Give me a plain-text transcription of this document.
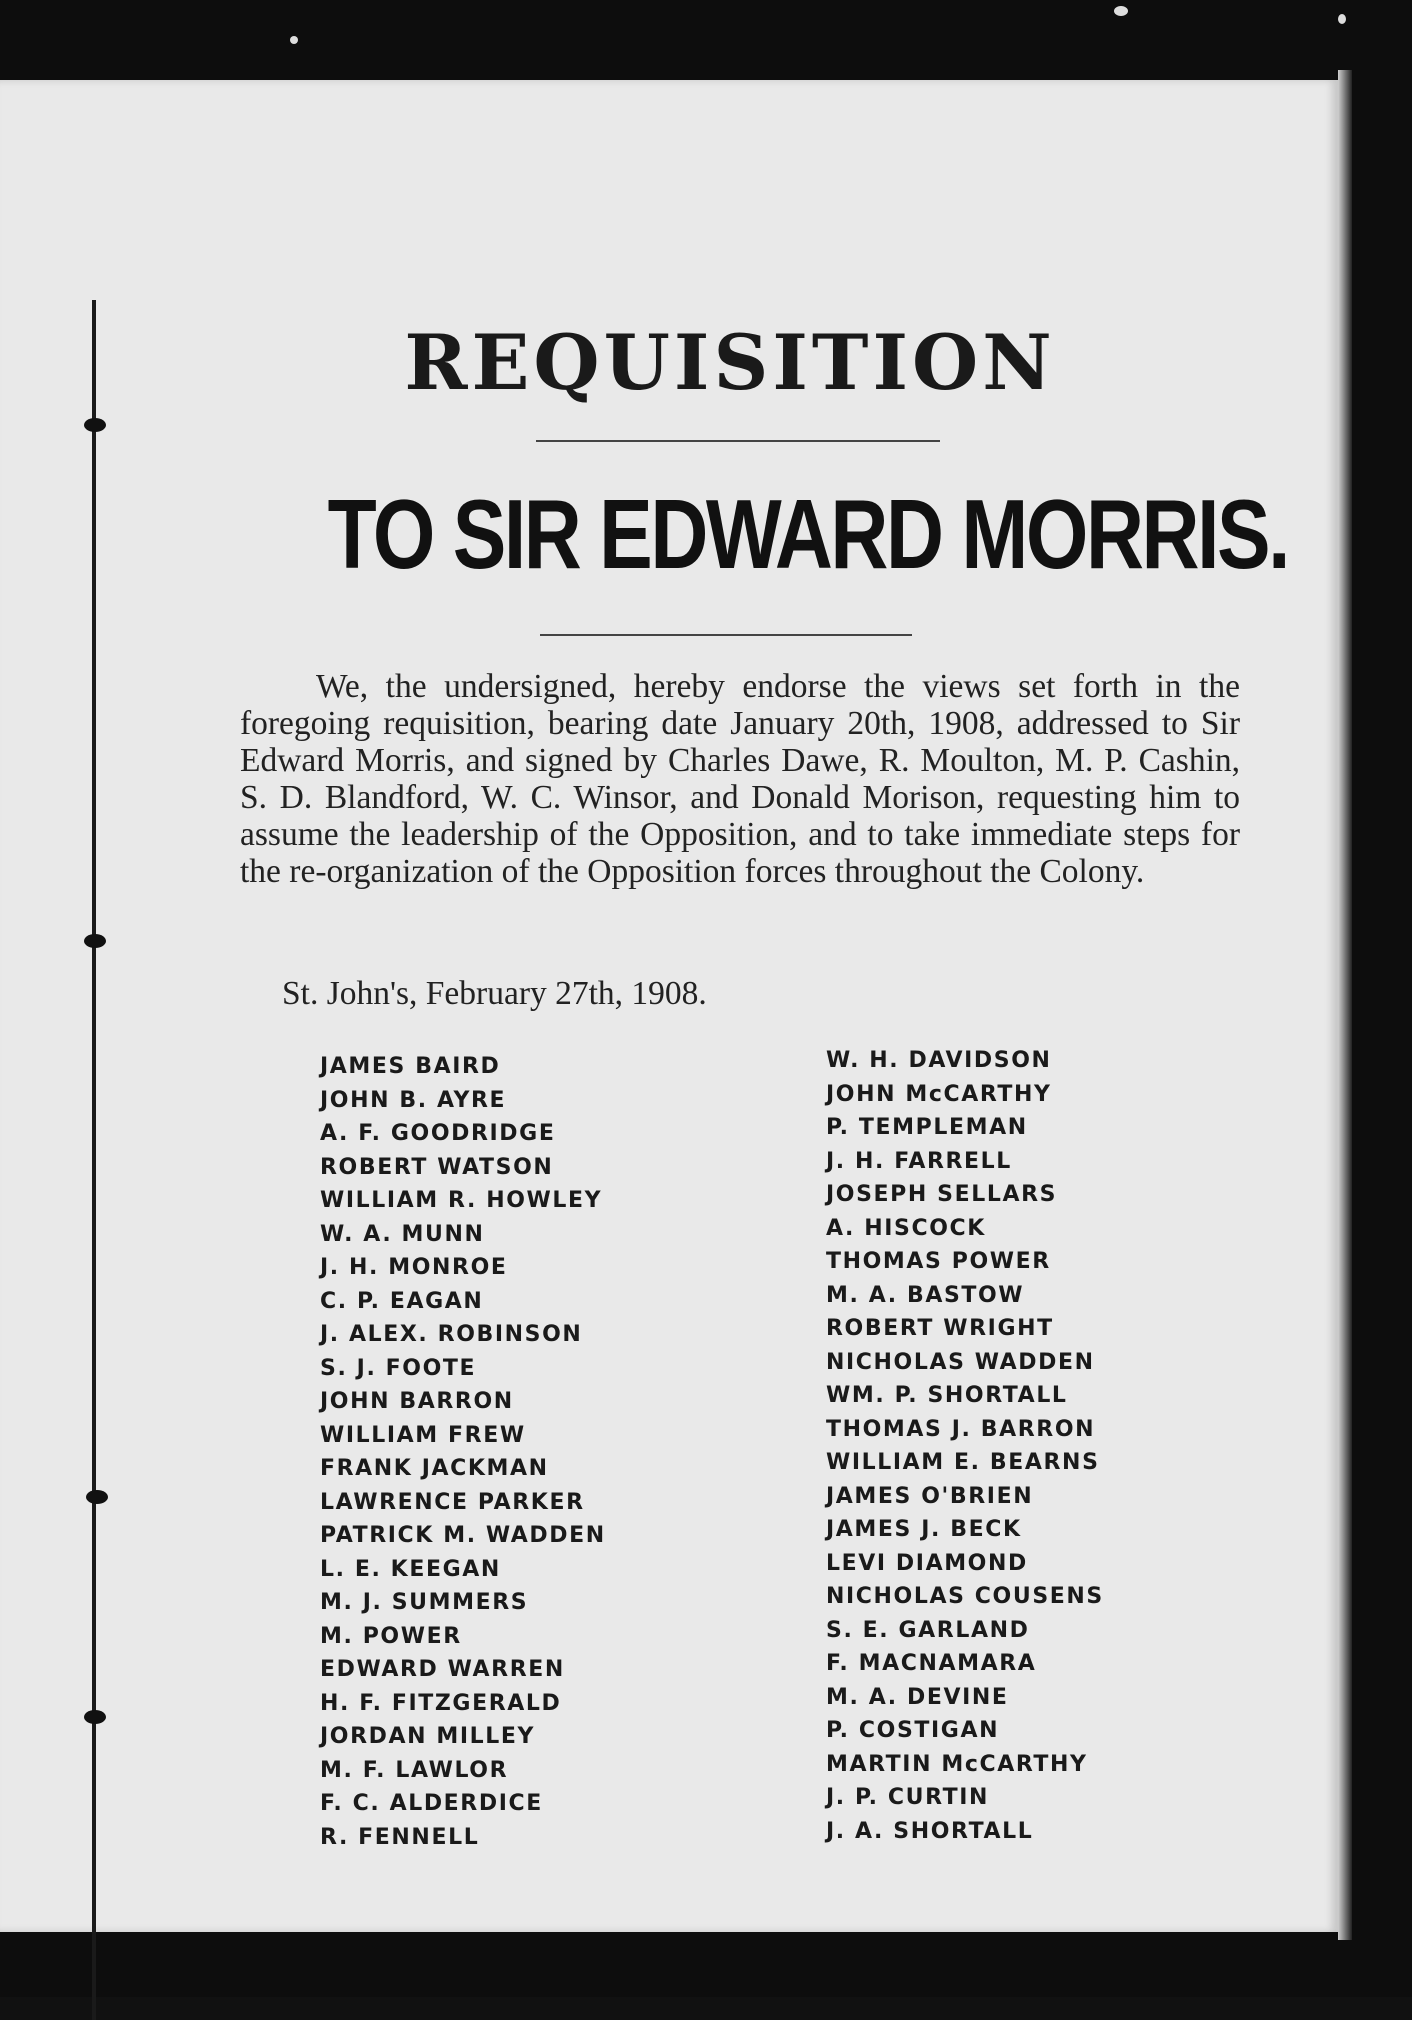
REQUISITION
TO SIR EDWARD MORRIS.
We, the undersigned, hereby endorse the views set forth in the foregoing requisition, bearing date January 20th, 1908, addressed to Sir Edward Morris, and signed by Charles Dawe, R. Moulton, M. P. Cashin, S. D. Blandford, W. C. Winsor, and Donald Morison, requesting him to assume the leadership of the Opposition, and to take immediate steps for the re-organization of the Opposition forces throughout the Colony.
St. John's, February 27th, 1908.
JAMES BAIRD
JOHN B. AYRE
A. F. GOODRIDGE
ROBERT WATSON
WILLIAM R. HOWLEY
W. A. MUNN
J. H. MONROE
C. P. EAGAN
J. ALEX. ROBINSON
S. J. FOOTE
JOHN BARRON
WILLIAM FREW
FRANK JACKMAN
LAWRENCE PARKER
PATRICK M. WADDEN
L. E. KEEGAN
M. J. SUMMERS
M. POWER
EDWARD WARREN
H. F. FITZGERALD
JORDAN MILLEY
M. F. LAWLOR
F. C. ALDERDICE
R. FENNELL
W. H. DAVIDSON
JOHN McCARTHY
P. TEMPLEMAN
J. H. FARRELL
JOSEPH SELLARS
A. HISCOCK
THOMAS POWER
M. A. BASTOW
ROBERT WRIGHT
NICHOLAS WADDEN
WM. P. SHORTALL
THOMAS J. BARRON
WILLIAM E. BEARNS
JAMES O'BRIEN
JAMES J. BECK
LEVI DIAMOND
NICHOLAS COUSENS
S. E. GARLAND
F. MACNAMARA
M. A. DEVINE
P. COSTIGAN
MARTIN McCARTHY
J. P. CURTIN
J. A. SHORTALL
